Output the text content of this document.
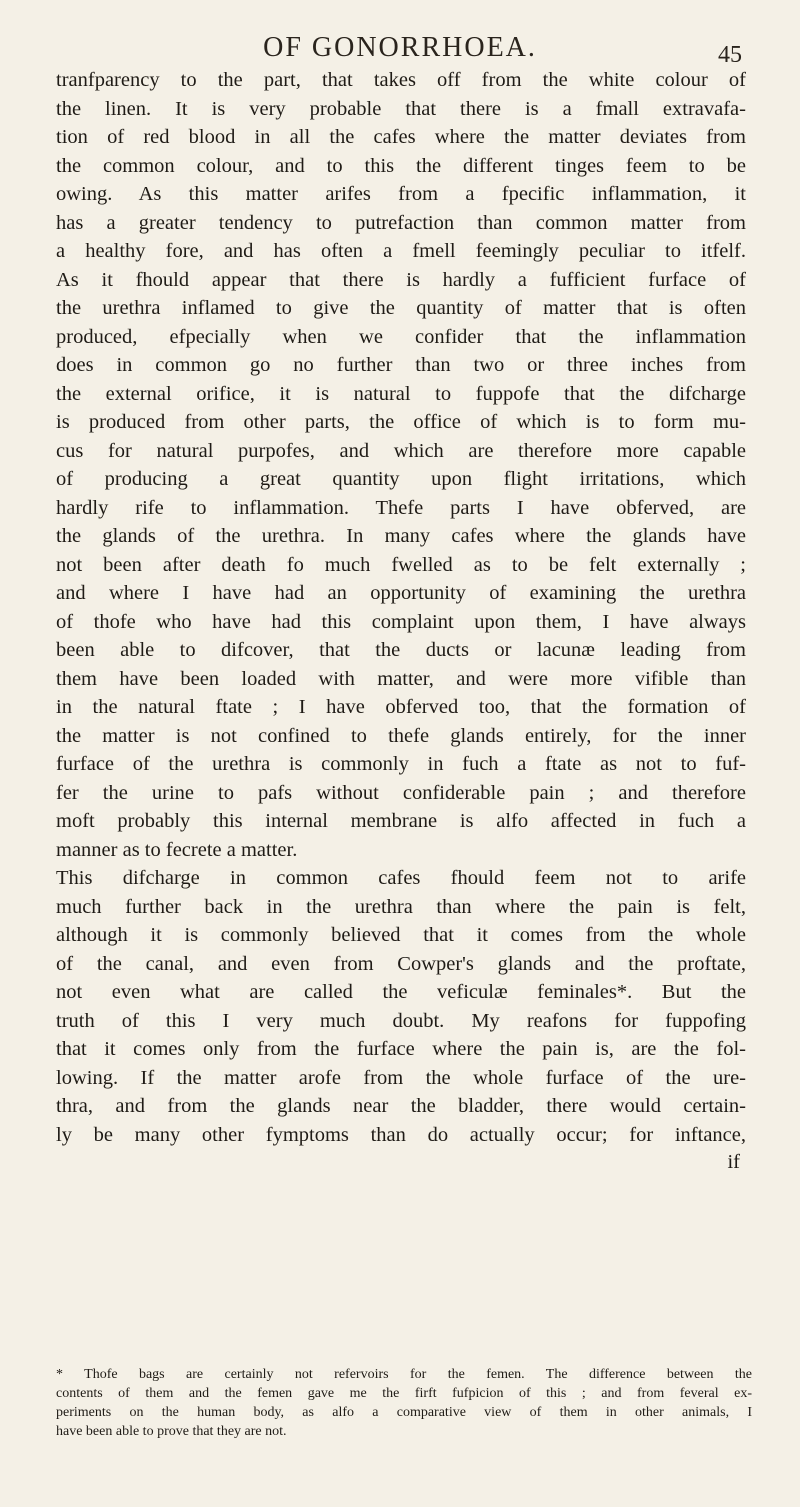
OF GONORRHOEA.	45
tranfparency to the part, that takes off from the white colour of
the linen. It is very probable that there is a fmall extravafa-
tion of red blood in all the cafes where the matter deviates from
the common colour, and to this the different tinges feem to be
owing. As this matter arifes from a fpecific inflammation, it
has a greater tendency to putrefaction than common matter from
a healthy fore, and has often a fmell feemingly peculiar to itfelf.
As it fhould appear that there is hardly a fufficient furface of
the urethra inflamed to give the quantity of matter that is often
produced, efpecially when we confider that the inflammation
does in common go no further than two or three inches from
the external orifice, it is natural to fuppofe that the difcharge
is produced from other parts, the office of which is to form mu-
cus for natural purpofes, and which are therefore more capable
of producing a great quantity upon flight irritations, which
hardly rife to inflammation. Thefe parts I have obferved, are
the glands of the urethra. In many cafes where the glands have
not been after death fo much fwelled as to be felt externally ;
and where I have had an opportunity of examining the urethra
of thofe who have had this complaint upon them, I have always
been able to difcover, that the ducts or lacunæ leading from
them have been loaded with matter, and were more vifible than
in the natural ftate ; I have obferved too, that the formation of
the matter is not confined to thefe glands entirely, for the inner
furface of the urethra is commonly in fuch a ftate as not to fuf-
fer the urine to pafs without confiderable pain ; and therefore
moft probably this internal membrane is alfo affected in fuch a
manner as to fecrete a matter.
This difcharge in common cafes fhould feem not to arife
much further back in the urethra than where the pain is felt,
although it is commonly believed that it comes from the whole
of the canal, and even from Cowper's glands and the proftate,
not even what are called the veficulæ feminales*. But the
truth of this I very much doubt. My reafons for fuppofing
that it comes only from the furface where the pain is, are the fol-
lowing. If the matter arofe from the whole furface of the ure-
thra, and from the glands near the bladder, there would certain-
ly be many other fymptoms than do actually occur; for inftance,
if
* Thofe bags are certainly not refervoirs for the femen. The difference between the
contents of them and the femen gave me the firft fufpicion of this ; and from feveral ex-
periments on the human body, as alfo a comparative view of them in other animals, I
have been able to prove that they are not.
